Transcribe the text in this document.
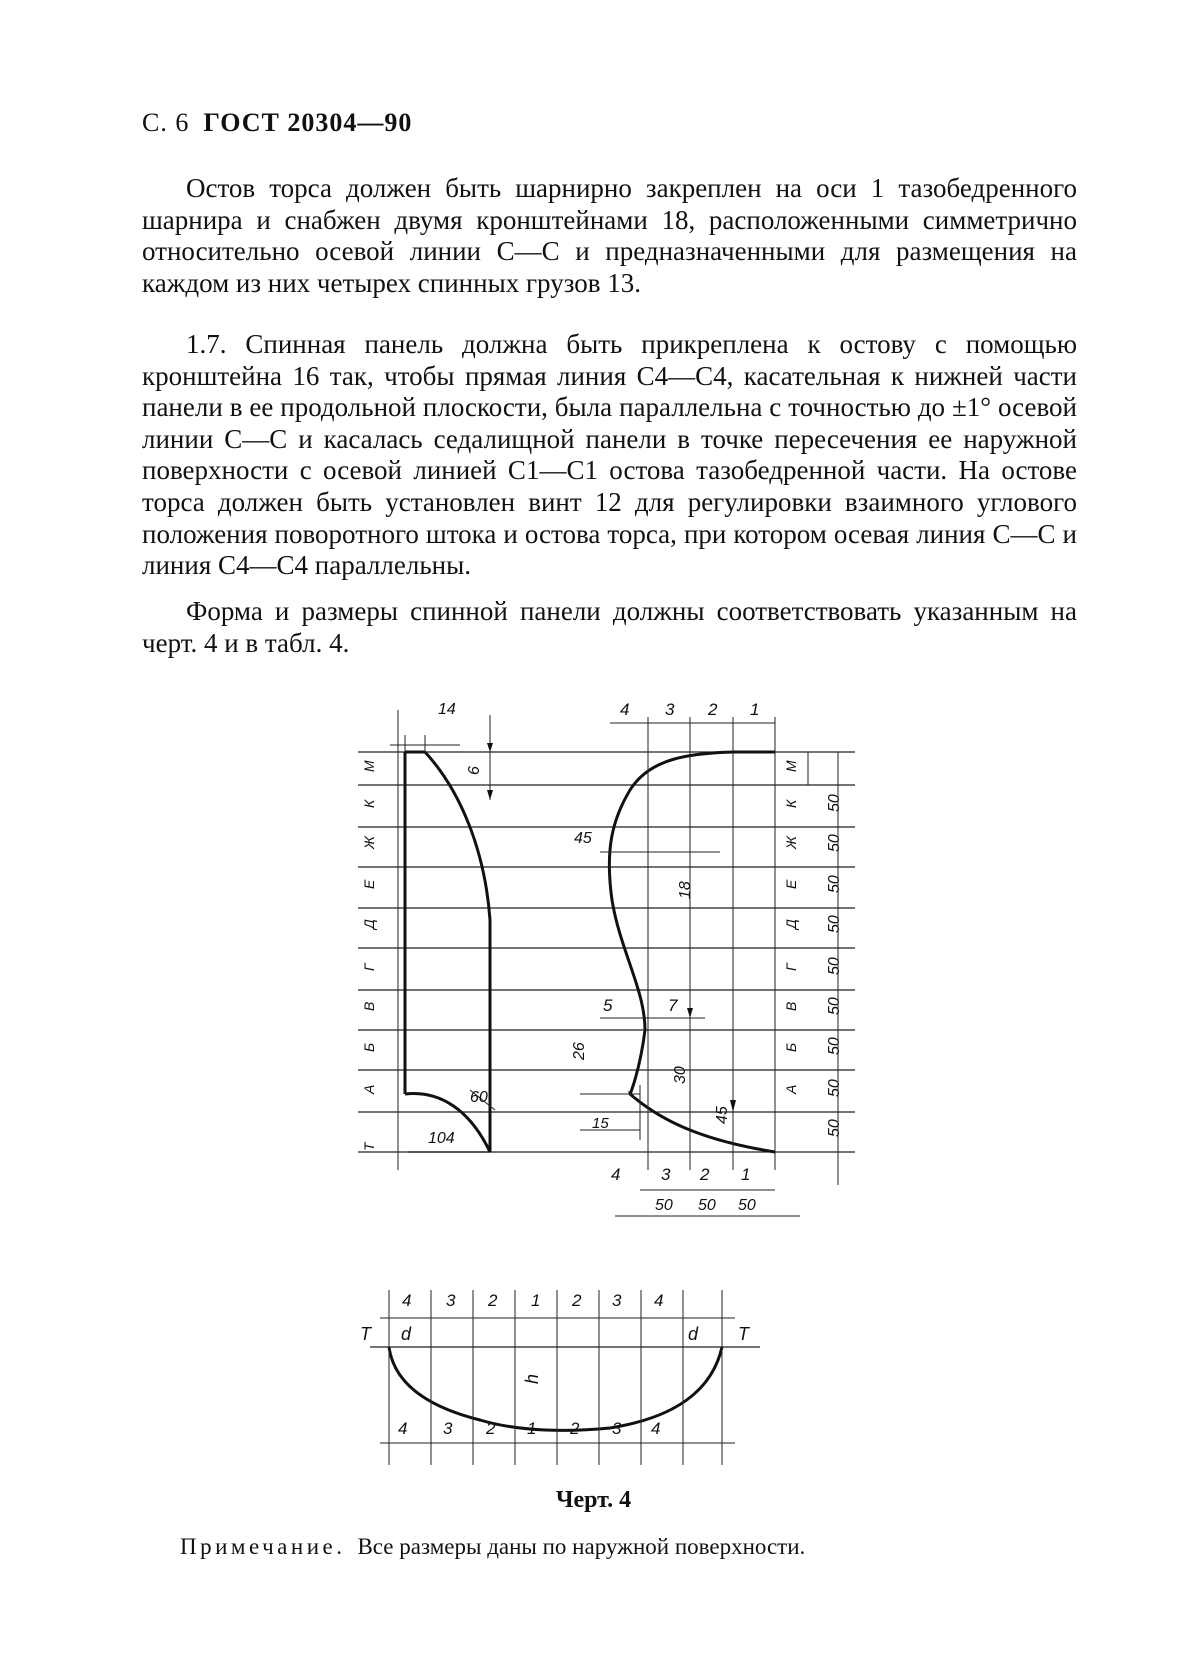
С. 6 ГОСТ 20304—90

Остов торса должен быть шарнирно закреплен на оси 1 тазобедренного шарнира и снабжен двумя кронштейнами 18, расположенными симметрично относительно осевой линии С—С и предназначенными для размещения на каждом из них четырех спинных грузов 13.

1.7. Спинная панель должна быть прикреплена к остову с помощью кронштейна 16 так, чтобы прямая линия С4—С4, касательная к нижней части панели в ее продольной плоскости, была параллельна с точностью до ±1° осевой линии С—С и касалась седалищной панели в точке пересечения ее наружной поверхности с осевой линией С1—С1 остова тазобедренной части. На остове торса должен быть установлен винт 12 для регулировки взаимного углового положения поворотного штока и остова торса, при котором осевая линия С—С и линия С4—С4 параллельны.

Форма и размеры спинной панели должны соответствовать указанным на черт. 4 и в табл. 4.

14
6
60
104
М
К
Ж
Е
Д
Г
В
Б
А
Т
45
18
5	7
26
30
15	45
4 3 2 1
М
К
Ж
Е
Д
Г
В
Б
А
50
50
50
50
50
50
50
50
50
4 3 2 1
50 50 50
4 3 2 1 2 3 4
4 3 2 1 2 3 4
Т d	d Т
h
Черт. 4
Примечание. Все размеры даны по наружной поверхности.
